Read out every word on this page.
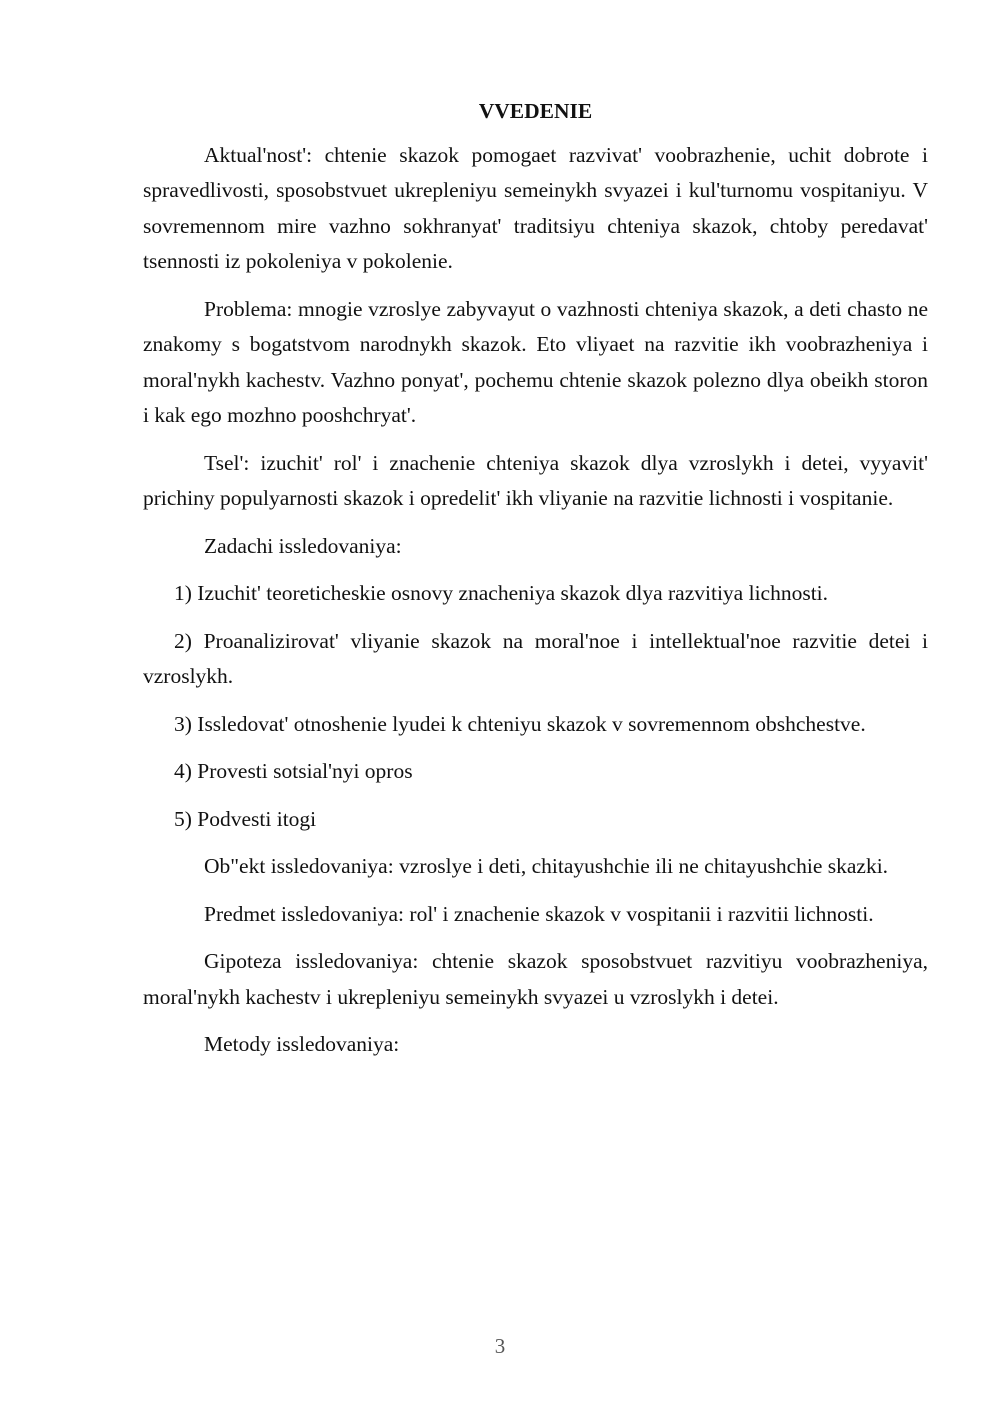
VVEDENIE

Aktual'nost': chtenie skazok pomogaet razvivat' voobrazhenie, uchit dobrote i spravedlivosti, sposobstvuet ukrepleniyu semeinykh svyazei i kul'turnomu vospitaniyu. V sovremennom mire vazhno sokhranyat' traditsiyu chteniya skazok, chtoby peredavat' tsennosti iz pokoleniya v pokolenie.

Problema: mnogie vzroslye zabyvayut o vazhnosti chteniya skazok, a deti chasto ne znakomy s bogatstvom narodnykh skazok. Eto vliyaet na razvitie ikh voobrazheniya i moral'nykh kachestv. Vazhno ponyat', pochemu chtenie skazok polezno dlya obeikh storon i kak ego mozhno pooshchryat'.

Tsel': izuchit' rol' i znachenie chteniya skazok dlya vzroslykh i detei, vyyavit' prichiny populyarnosti skazok i opredelit' ikh vliyanie na razvitie lichnosti i vospitanie.

Zadachi issledovaniya:

1) Izuchit' teoreticheskie osnovy znacheniya skazok dlya razvitiya lichnosti.

2) Proanalizirovat' vliyanie skazok na moral'noe i intellektual'noe razvitie detei i vzroslykh.

3) Issledovat' otnoshenie lyudei k chteniyu skazok v sovremennom obshchestve.

4) Provesti sotsial'nyi opros

5) Podvesti itogi

Ob"ekt issledovaniya: vzroslye i deti, chitayushchie ili ne chitayushchie skazki.

Predmet issledovaniya: rol' i znachenie skazok v vospitanii i razvitii lichnosti.

Gipoteza issledovaniya: chtenie skazok sposobstvuet razvitiyu voobrazheniya, moral'nykh kachestv i ukrepleniyu semeinykh svyazei u vzroslykh i detei.

Metody issledovaniya:

3
